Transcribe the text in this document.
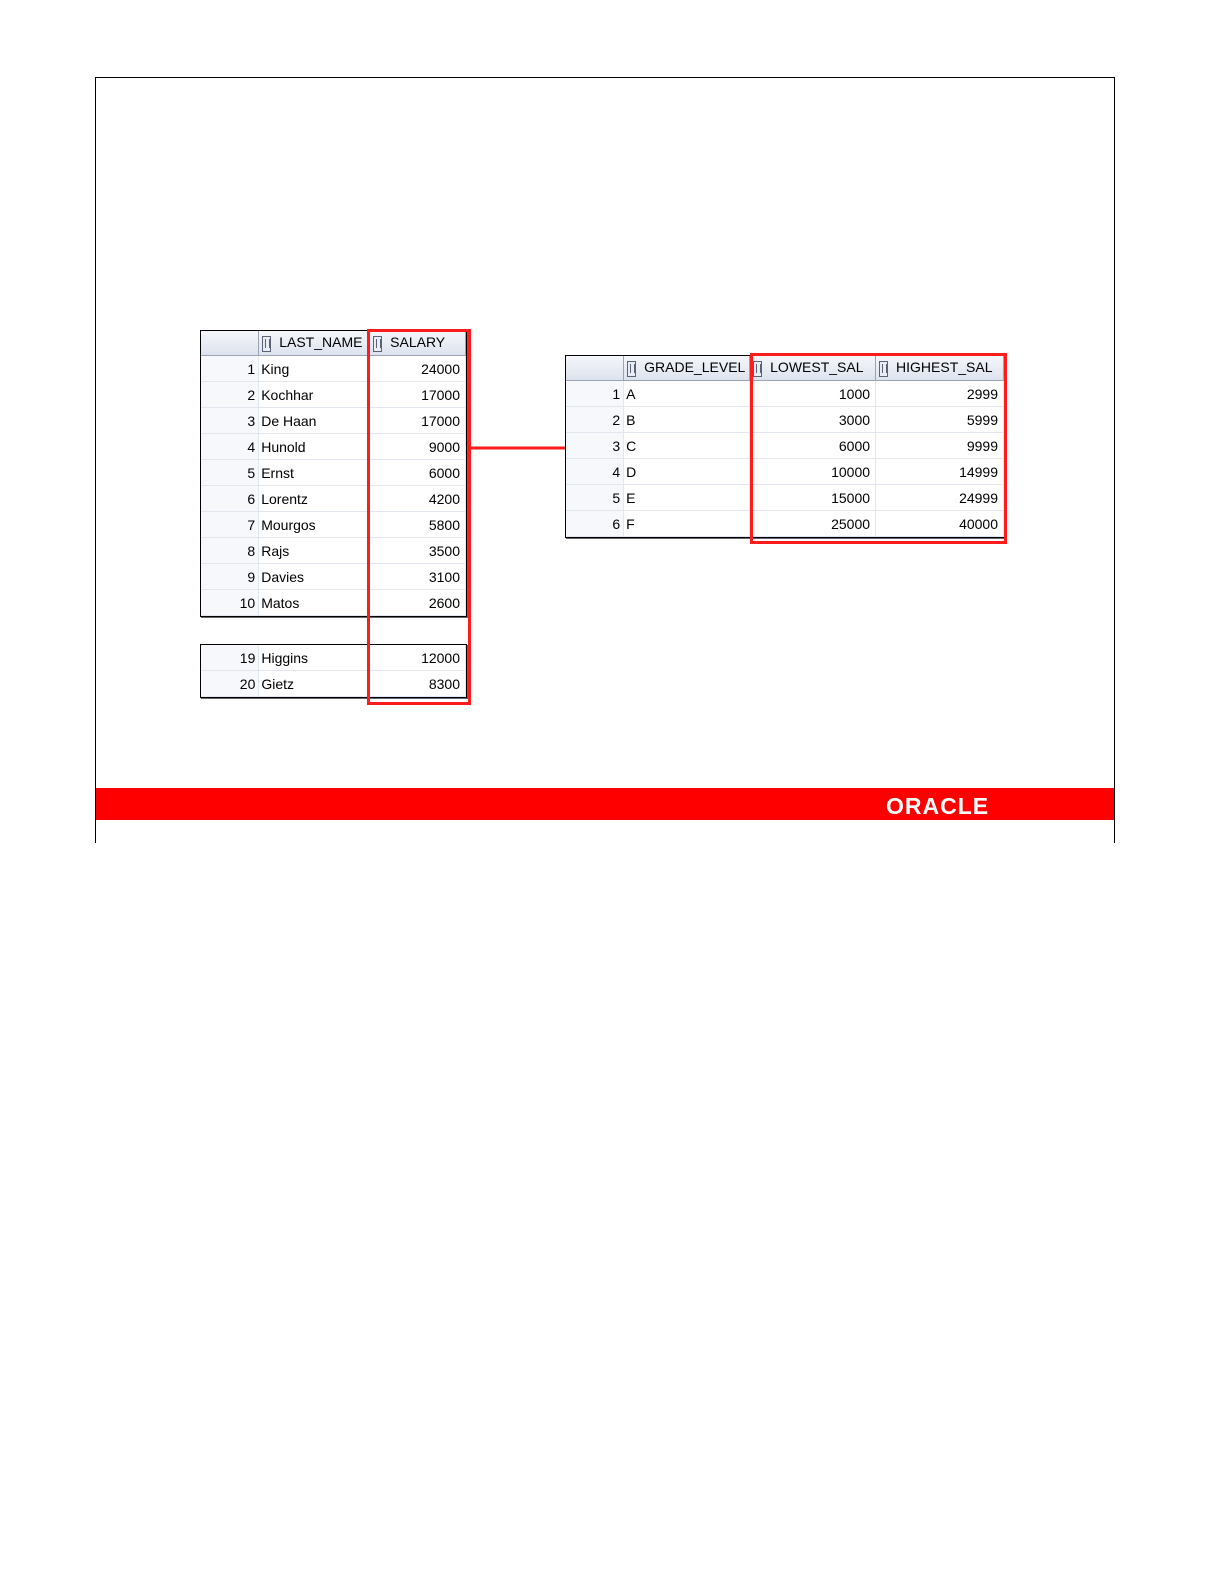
	LAST_NAME	SALARY
1	King	24000
2	Kochhar	17000
3	De Haan	17000
4	Hunold	9000
5	Ernst	6000
6	Lorentz	4200
7	Mourgos	5800
8	Rajs	3500
9	Davies	3100
10	Matos	2600
19	Higgins	12000
20	Gietz	8300
	GRADE_LEVEL	LOWEST_SAL	HIGHEST_SAL
1	A	1000	2999
2	B	3000	5999
3	C	6000	9999
4	D	10000	14999
5	E	15000	24999
6	F	25000	40000
ORACLE
